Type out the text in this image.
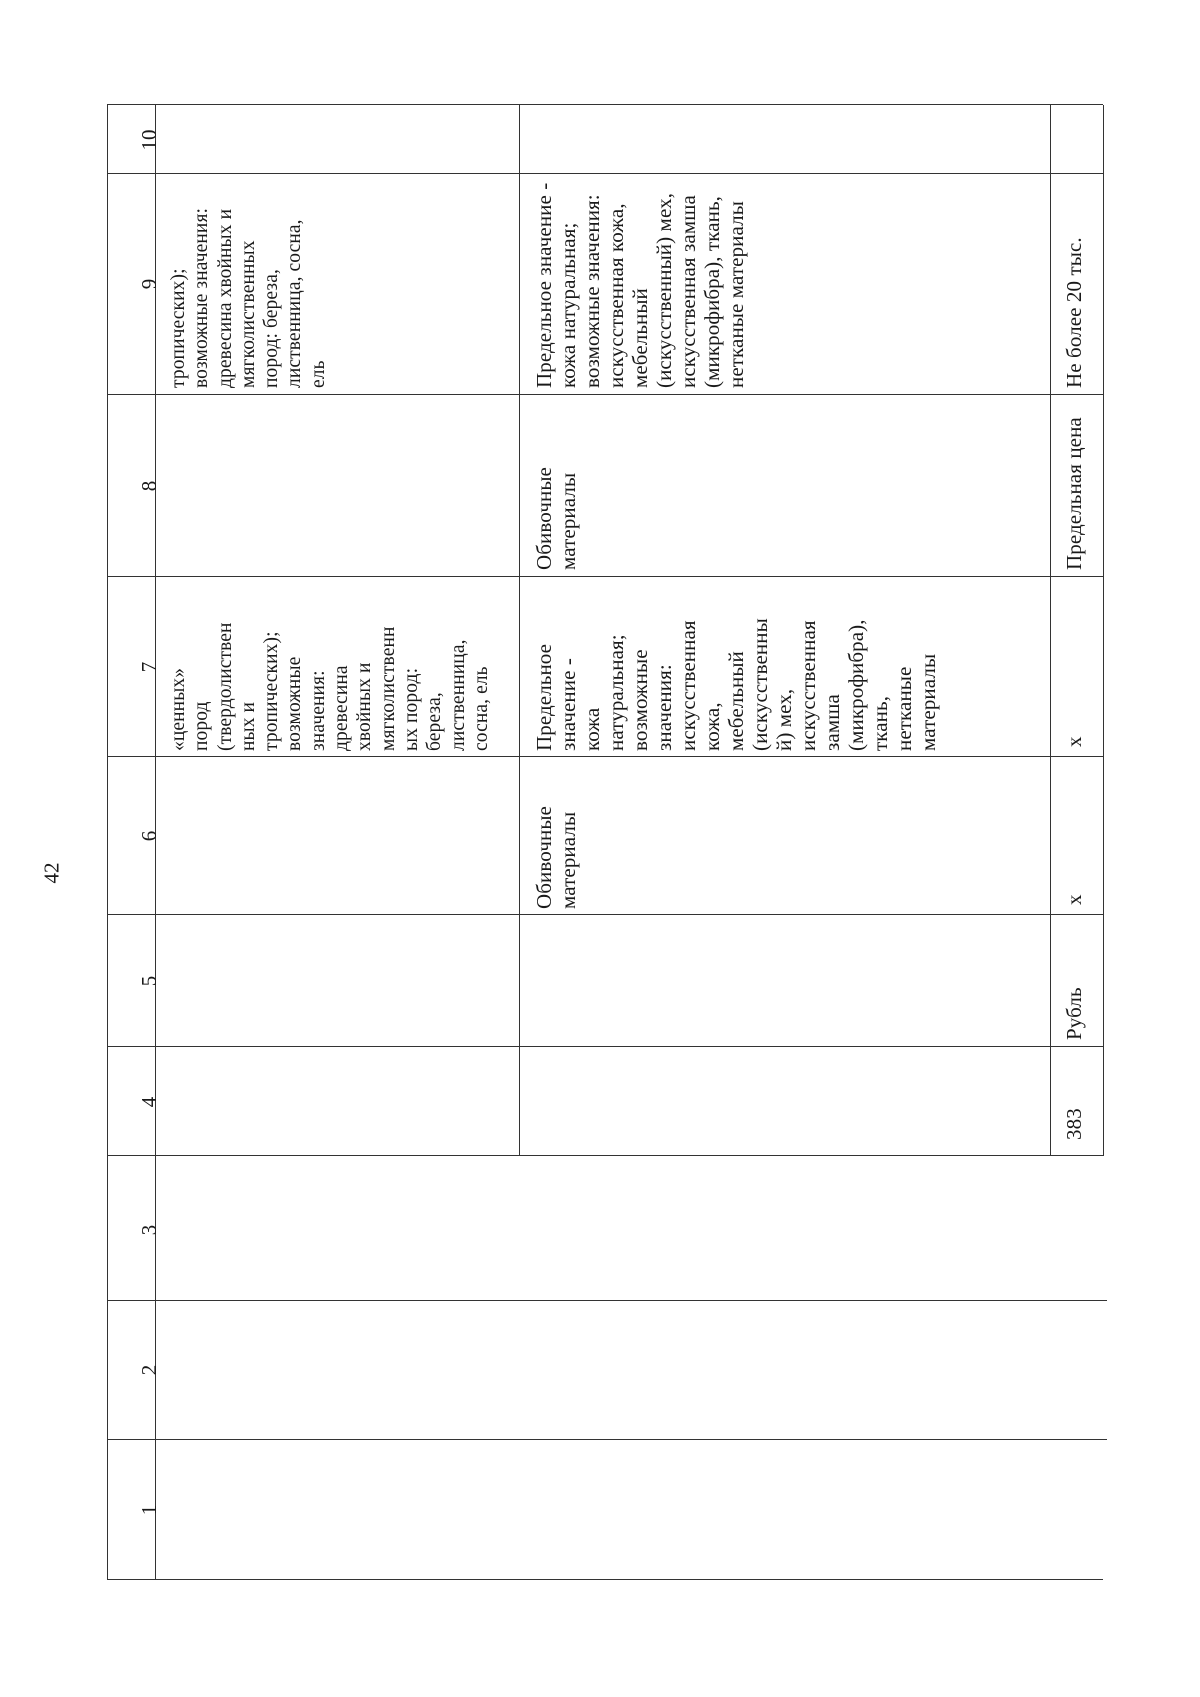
42
1
2
3
4
5
6
7
8
9
10
«ценных»
пород
(твердолиствен
ных и
тропических);
возможные
значения:
древесина
хвойных и
мягколиственн
ых пород:
береза,
лиственница,
сосна, ель
тропических);
возможные значения:
древесина хвойных и
мягколиственных
пород: береза,
лиственница, сосна,
ель
Обивочные
материалы
Предельное
значение -
кожа
натуральная;
возможные
значения:
искусственная
кожа,
мебельный
(искусственны
й) мех,
искусственная
замша
(микрофибра),
ткань,
нетканые
материалы
Обивочные
материалы
Предельное значение -
кожа натуральная;
возможные значения:
искусственная кожа,
мебельный
(искусственный) мех,
искусственная замша
(микрофибра), ткань,
нетканые материалы
383
Рубль
х
х
Предельная цена
Не более 20 тыс.
